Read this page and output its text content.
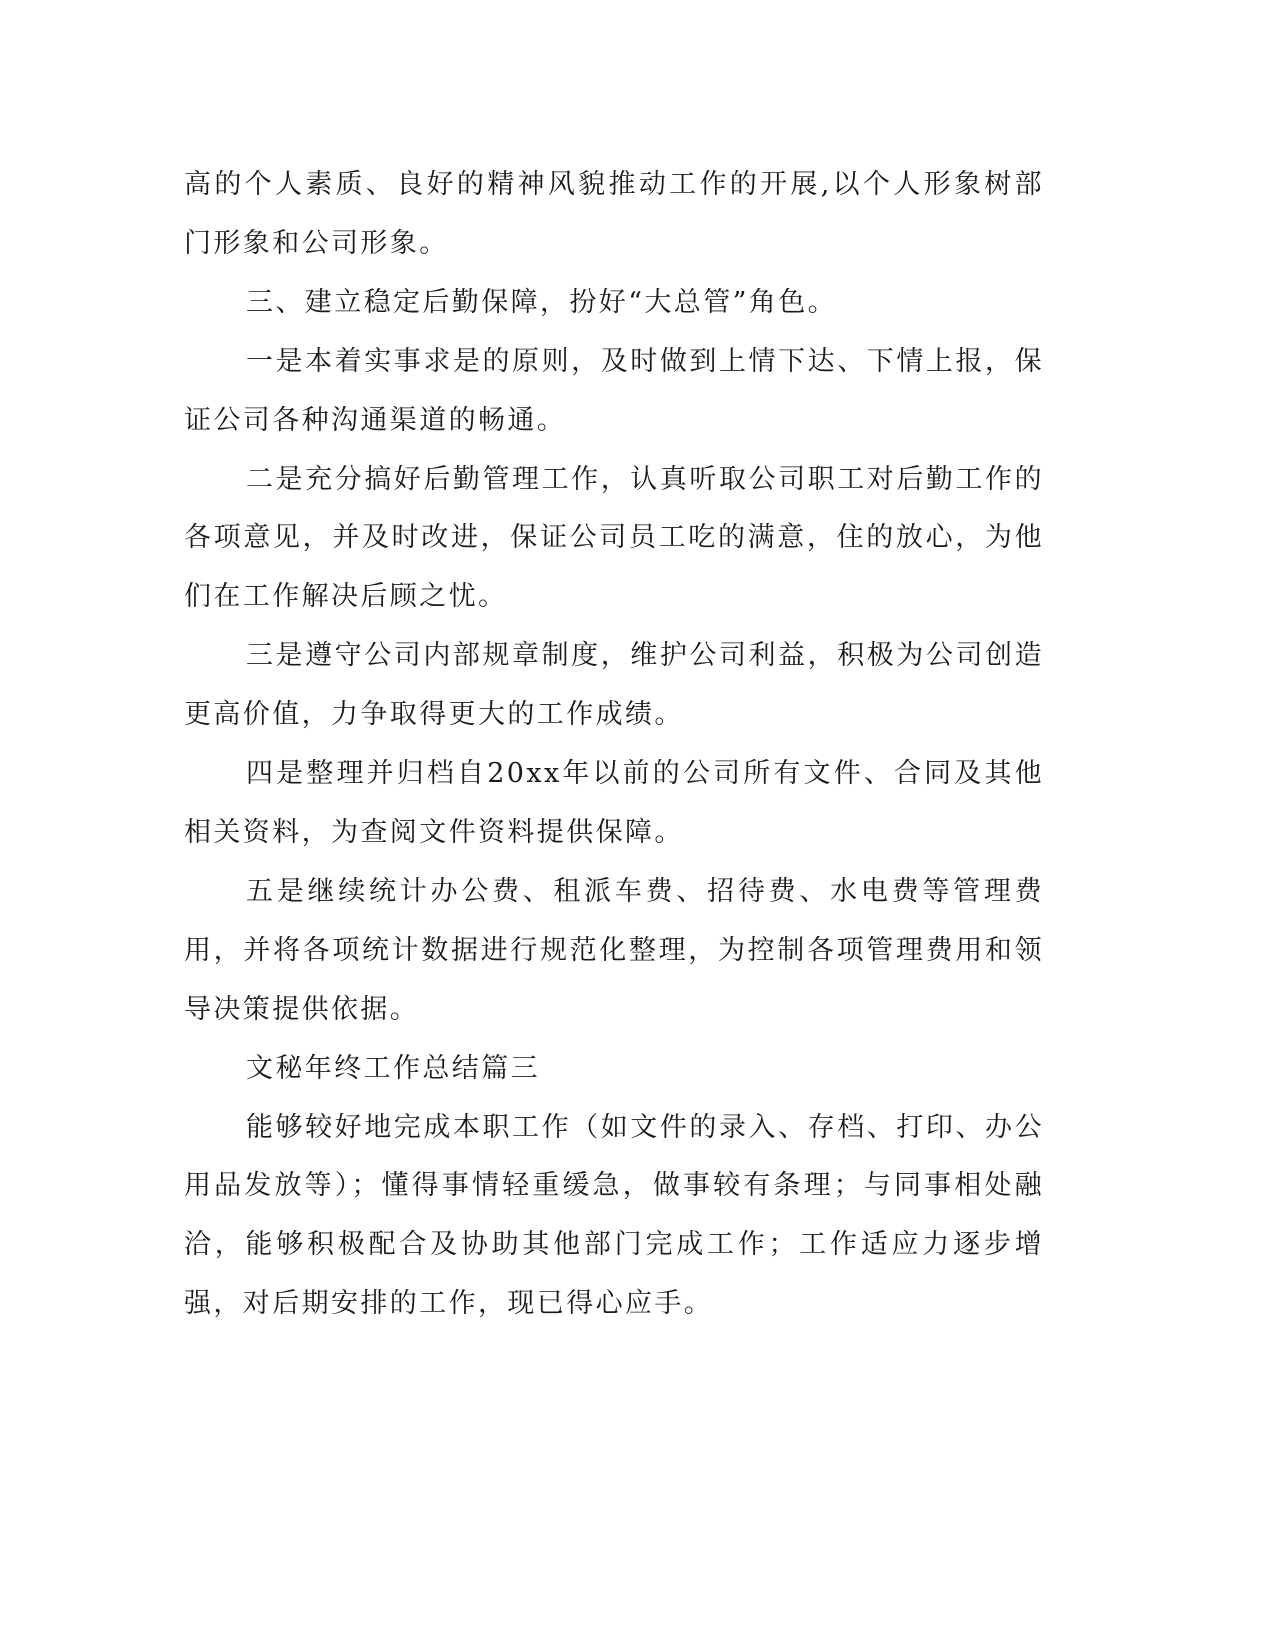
高的个人素质、良好的精神风貌推动工作的开展,以个人形象树部门形象和公司形象。

三、建立稳定后勤保障，扮好“大总管”角色。

一是本着实事求是的原则，及时做到上情下达、下情上报，保证公司各种沟通渠道的畅通。

二是充分搞好后勤管理工作，认真听取公司职工对后勤工作的各项意见，并及时改进，保证公司员工吃的满意，住的放心，为他们在工作解决后顾之忧。

三是遵守公司内部规章制度，维护公司利益，积极为公司创造更高价值，力争取得更大的工作成绩。

四是整理并归档自20xx年以前的公司所有文件、合同及其他相关资料，为查阅文件资料提供保障。

五是继续统计办公费、租派车费、招待费、水电费等管理费用，并将各项统计数据进行规范化整理，为控制各项管理费用和领导决策提供依据。

文秘年终工作总结篇三

能够较好地完成本职工作（如文件的录入、存档、打印、办公用品发放等）；懂得事情轻重缓急，做事较有条理；与同事相处融洽，能够积极配合及协助其他部门完成工作；工作适应力逐步增强，对后期安排的工作，现已得心应手。
